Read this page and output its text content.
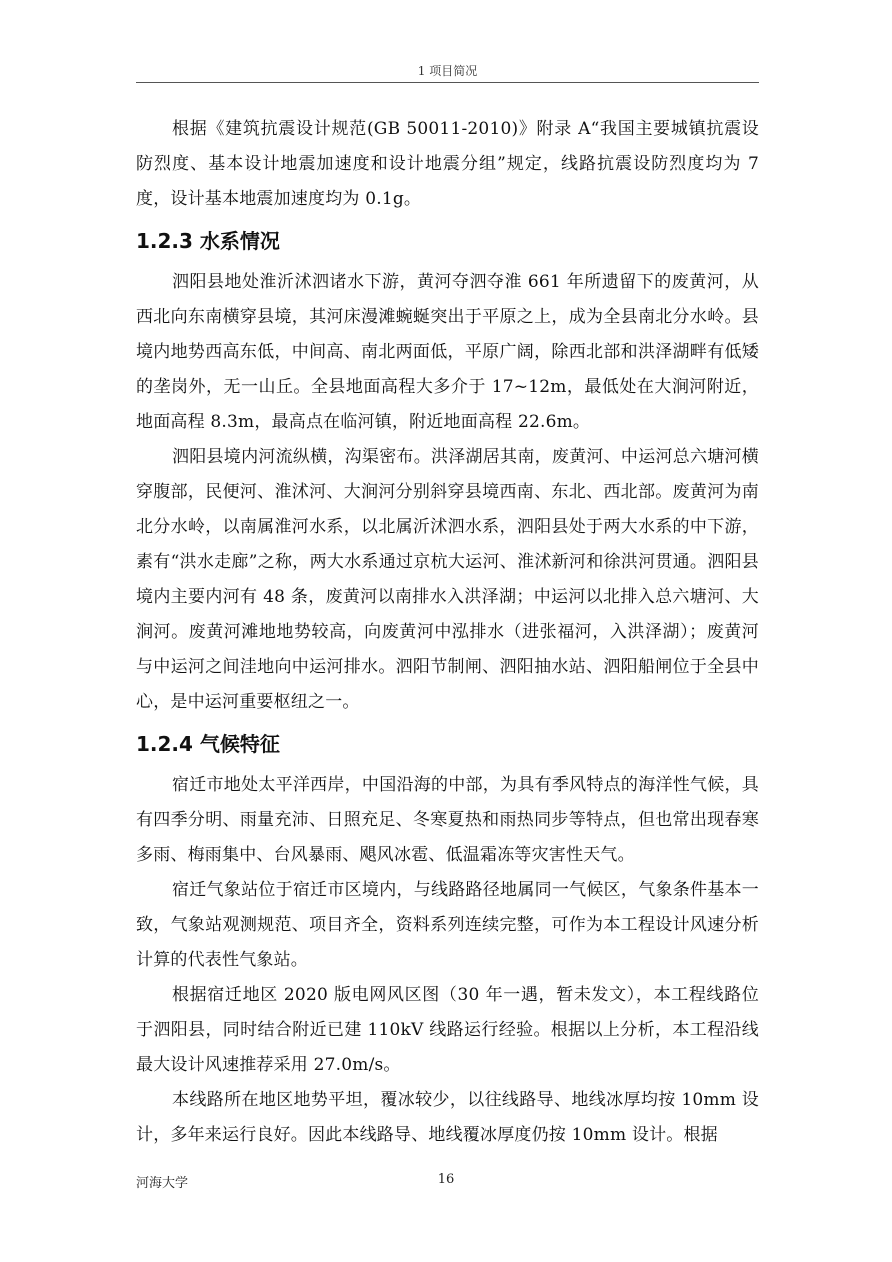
1 项目简况

根据《建筑抗震设计规范(GB 50011-2010)》附录 A“我国主要城镇抗震设防烈度、基本设计地震加速度和设计地震分组”规定，线路抗震设防烈度均为 7 度，设计基本地震加速度均为 0.1g。

1.2.3 水系情况

泗阳县地处淮沂沭泗诸水下游，黄河夺泗夺淮 661 年所遗留下的废黄河，从西北向东南横穿县境，其河床漫滩蜿蜒突出于平原之上，成为全县南北分水岭。县境内地势西高东低，中间高、南北两面低，平原广阔，除西北部和洪泽湖畔有低矮的垄岗外，无一山丘。全县地面高程大多介于 17~12m，最低处在大涧河附近，地面高程 8.3m，最高点在临河镇，附近地面高程 22.6m。

泗阳县境内河流纵横，沟渠密布。洪泽湖居其南，废黄河、中运河总六塘河横穿腹部，民便河、淮沭河、大涧河分别斜穿县境西南、东北、西北部。废黄河为南北分水岭，以南属淮河水系，以北属沂沭泗水系，泗阳县处于两大水系的中下游，素有“洪水走廊”之称，两大水系通过京杭大运河、淮沭新河和徐洪河贯通。泗阳县境内主要内河有 48 条，废黄河以南排水入洪泽湖；中运河以北排入总六塘河、大涧河。废黄河滩地地势较高，向废黄河中泓排水（进张福河，入洪泽湖）；废黄河与中运河之间洼地向中运河排水。泗阳节制闸、泗阳抽水站、泗阳船闸位于全县中心，是中运河重要枢纽之一。

1.2.4 气候特征

宿迁市地处太平洋西岸，中国沿海的中部，为具有季风特点的海洋性气候，具有四季分明、雨量充沛、日照充足、冬寒夏热和雨热同步等特点，但也常出现春寒多雨、梅雨集中、台风暴雨、飓风冰雹、低温霜冻等灾害性天气。

宿迁气象站位于宿迁市区境内，与线路路径地属同一气候区，气象条件基本一致，气象站观测规范、项目齐全，资料系列连续完整，可作为本工程设计风速分析计算的代表性气象站。

根据宿迁地区 2020 版电网风区图（30 年一遇，暂未发文），本工程线路位于泗阳县，同时结合附近已建 110kV 线路运行经验。根据以上分析，本工程沿线最大设计风速推荐采用 27.0m/s。

本线路所在地区地势平坦，覆冰较少，以往线路导、地线冰厚均按 10mm 设计，多年来运行良好。因此本线路导、地线覆冰厚度仍按 10mm 设计。根据

河海大学	16
